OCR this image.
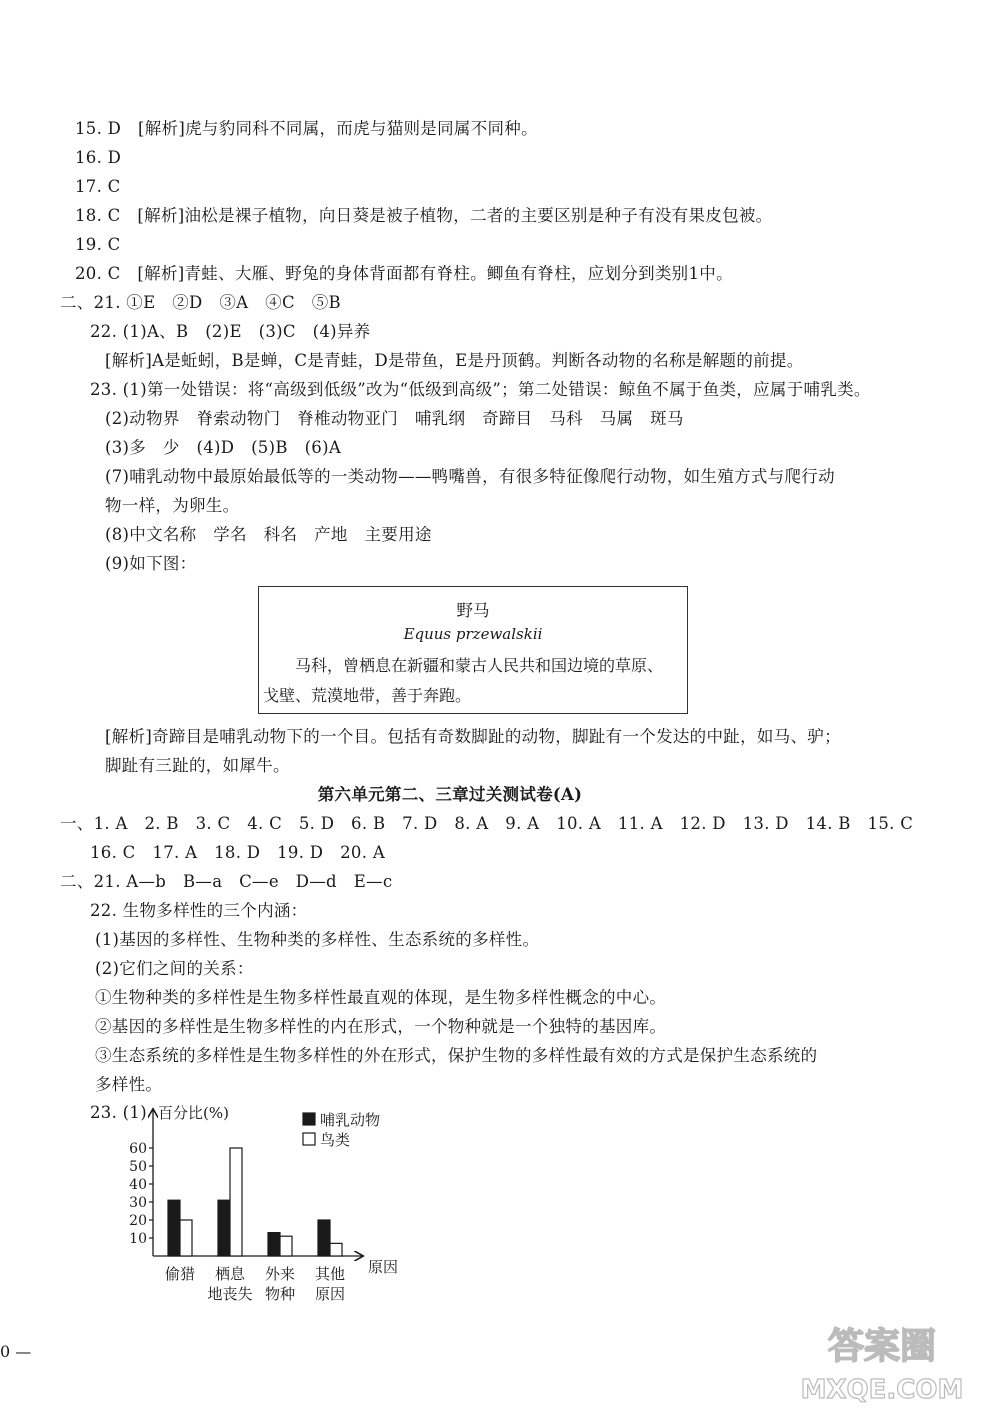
15. D　[解析]虎与豹同科不同属，而虎与猫则是同属不同种。
16. D
17. C
18. C　[解析]油松是裸子植物，向日葵是被子植物，二者的主要区别是种子有没有果皮包被。
19. C
20. C　[解析]青蛙、大雁、野兔的身体背面都有脊柱。鲫鱼有脊柱，应划分到类别1中。
二、21. ①E　②D　③A　④C　⑤B
22. (1)A、B　(2)E　(3)C　(4)异养
[解析]A是蚯蚓，B是蝉，C是青蛙，D是带鱼，E是丹顶鹤。判断各动物的名称是解题的前提。
23. (1)第一处错误：将“高级到低级”改为“低级到高级”；第二处错误：鲸鱼不属于鱼类，应属于哺乳类。
(2)动物界　脊索动物门　脊椎动物亚门　哺乳纲　奇蹄目　马科　马属　斑马
(3)多　少　(4)D　(5)B　(6)A
(7)哺乳动物中最原始最低等的一类动物——鸭嘴兽，有很多特征像爬行动物，如生殖方式与爬行动
物一样，为卵生。
(8)中文名称　学名　科名　产地　主要用途
(9)如下图：
野马
Equus przewalskii
马科，曾栖息在新疆和蒙古人民共和国边境的草原、
戈壁、荒漠地带，善于奔跑。
[解析]奇蹄目是哺乳动物下的一个目。包括有奇数脚趾的动物，脚趾有一个发达的中趾，如马、驴；
脚趾有三趾的，如犀牛。
第六单元第二、三章过关测试卷(A)
一、1. A　2. B　3. C　4. C　5. D　6. B　7. D　8. A　9. A　10. A　11. A　12. D　13. D　14. B　15. C
16. C　17. A　18. D　19. D　20. A
二、21. A—b　B—a　C—e　D—d　E—c
22. 生物多样性的三个内涵：
(1)基因的多样性、生物种类的多样性、生态系统的多样性。
(2)它们之间的关系：
①生物种类的多样性是生物多样性最直观的体现，是生物多样性概念的中心。
②基因的多样性是生物多样性的内在形式，一个物种就是一个独特的基因库。
③生态系统的多样性是生物多样性的外在形式，保护生物的多样性最有效的方式是保护生态系统的
多样性。
23. (1) 百分比(%)
原因
10
20
30
40
50
60
偷猎 栖息
地丧失
外来
物种
其他
原因
哺乳动物
鸟类
0 —	答案圈
MXQE.COM
